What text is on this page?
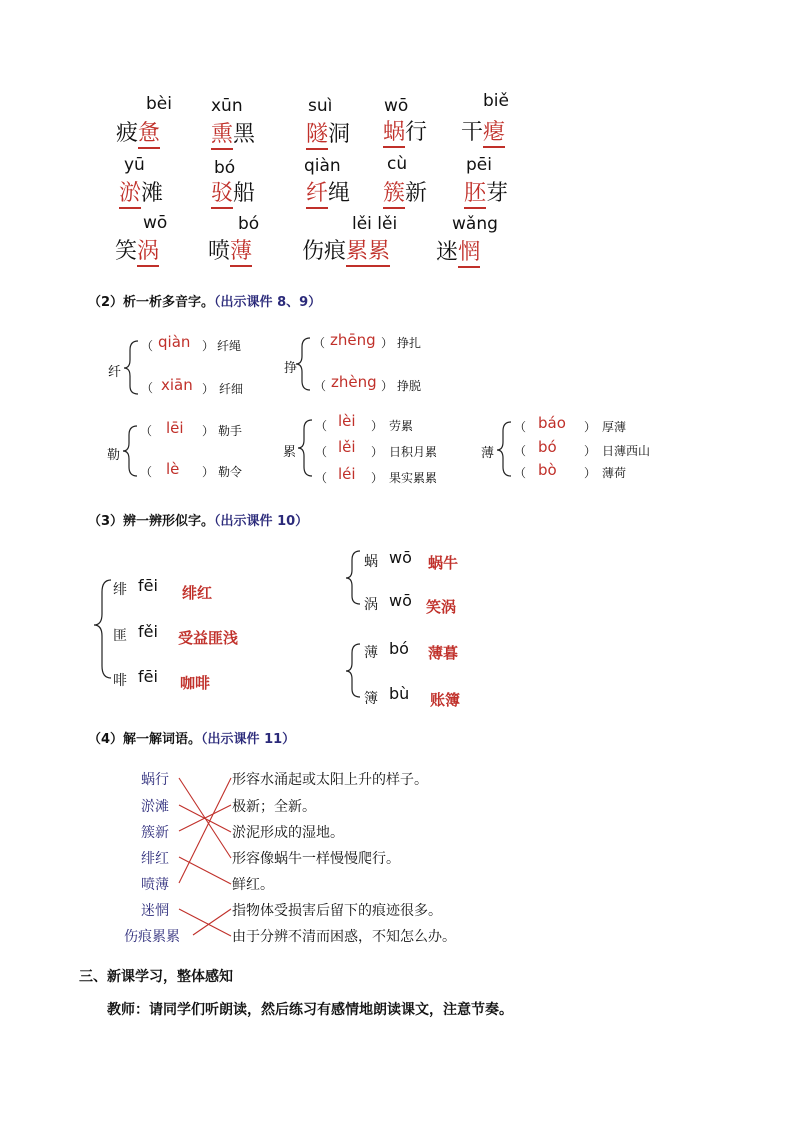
bèi
疲惫
xūn
熏黑
suì
隧洞
wō
蜗行
biě
干瘪
yū
淤滩
bó
驳船
qiàn
纤绳
cù
簇新
pēi
胚芽
wō
笑涡
bó
喷薄
lěi lěi
伤痕累累
wǎng
迷惘
（2）析一析多音字。（出示课件 8、9）
纤
（ qiàn ） 纤绳
（ xiān ） 纤细
挣
（ zhēng ） 挣扎
（ zhèng ） 挣脱
勒
（ lēi ） 勒手
（ lè ） 勒令
累
（ lèi ） 劳累
（ lěi ） 日积月累
（ léi ） 果实累累
薄
（ báo ） 厚薄
（ bó ） 日薄西山
（ bò ） 薄荷
（3）辨一辨形似字。（出示课件 10）
绯 fēi 绯红
匪 fěi 受益匪浅
啡 fēi 咖啡
蜗 wō 蜗牛
涡 wō 笑涡
薄 bó 薄暮
簿 bù 账簿
（4）解一解词语。（出示课件 11）
蜗行
淤滩
簇新
绯红
喷薄
迷惘
伤痕累累
形容水涌起或太阳上升的样子。
极新；全新。
淤泥形成的湿地。
形容像蜗牛一样慢慢爬行。
鲜红。
指物体受损害后留下的痕迹很多。
由于分辨不清而困惑，不知怎么办。
三、新课学习，整体感知
教师：请同学们听朗读，然后练习有感情地朗读课文，注意节奏。
